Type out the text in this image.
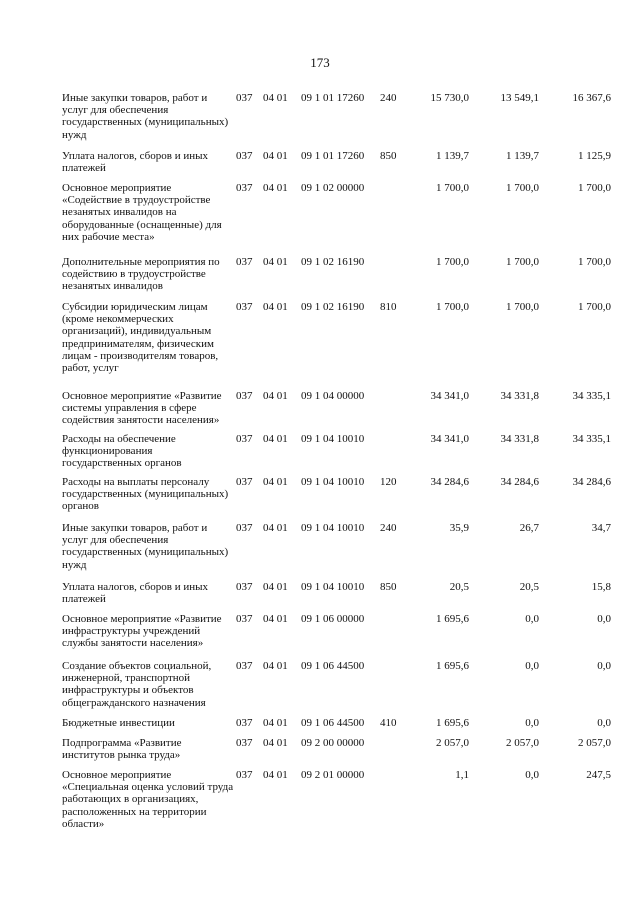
173
Иные закупки товаров, работ и услуг для обеспечения государственных (муниципальных) нужд
037 04 01 09 1 01 17260 240	15 730,0	13 549,1	16 367,6
Уплата налогов, сборов и иных платежей
037 04 01 09 1 01 17260 850	1 139,7	1 139,7	1 125,9
Основное мероприятие «Содействие в трудоустройстве незанятых инвалидов на оборудованные (оснащенные) для них рабочие места»
037 04 01 09 1 02 00000	1 700,0	1 700,0	1 700,0
Дополнительные мероприятия по содействию в трудоустройстве незанятых инвалидов
037 04 01 09 1 02 16190	1 700,0	1 700,0	1 700,0
Субсидии юридическим лицам (кроме некоммерческих организаций), индивидуальным предпринимателям, физическим лицам - производителям товаров, работ, услуг
037 04 01 09 1 02 16190 810	1 700,0	1 700,0	1 700,0
Основное мероприятие «Развитие системы управления в сфере содействия занятости населения»
037 04 01 09 1 04 00000	34 341,0	34 331,8	34 335,1
Расходы на обеспечение функционирования государственных органов
037 04 01 09 1 04 10010	34 341,0	34 331,8	34 335,1
Расходы на выплаты персоналу государственных (муниципальных) органов
037 04 01 09 1 04 10010 120	34 284,6	34 284,6	34 284,6
Иные закупки товаров, работ и услуг для обеспечения государственных (муниципальных) нужд
037 04 01 09 1 04 10010 240	35,9	26,7	34,7
Уплата налогов, сборов и иных платежей
037 04 01 09 1 04 10010 850	20,5	20,5	15,8
Основное мероприятие «Развитие инфраструктуры учреждений службы занятости населения»
037 04 01 09 1 06 00000	1 695,6	0,0	0,0
Создание объектов социальной, инженерной, транспортной инфраструктуры и объектов общегражданского назначения
037 04 01 09 1 06 44500	1 695,6	0,0	0,0
Бюджетные инвестиции	037 04 01 09 1 06 44500 410	1 695,6	0,0	0,0
Подпрограмма «Развитие институтов рынка труда»
037 04 01 09 2 00 00000	2 057,0	2 057,0	2 057,0
Основное мероприятие «Специальная оценка условий труда работающих в организациях, расположенных на территории области»
037 04 01 09 2 01 00000	1,1	0,0	247,5
